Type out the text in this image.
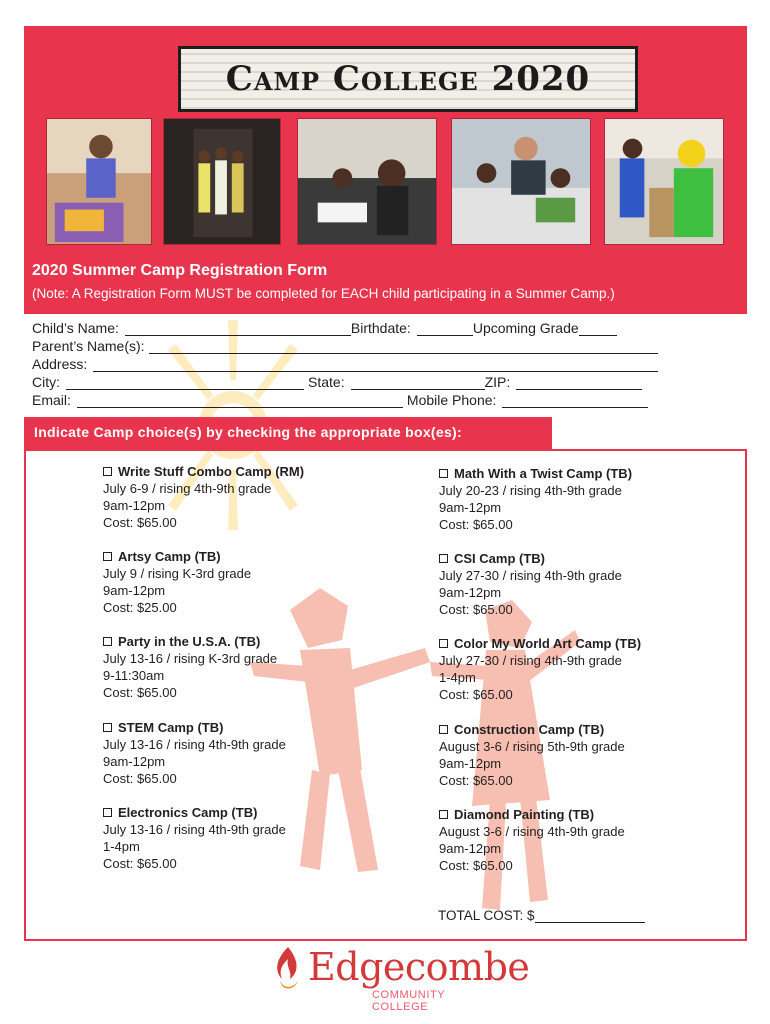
Camp College 2020
2020 Summer Camp Registration Form
(Note: A Registration Form MUST be completed for EACH child participating in a Summer Camp.)
Child’s Name:	Birthdate:	Upcoming Grade
Parent’s Name(s):
Address:
City:	State:	ZIP:
Email:	Mobile Phone:
Indicate Camp choice(s) by checking the appropriate box(es):
Write Stuff Combo Camp (RM)
July 6-9 / rising 4th-9th grade
9am-12pm
Cost: $65.00
Artsy Camp (TB)
July 9 / rising K-3rd grade
9am-12pm
Cost: $25.00
Party in the U.S.A. (TB)
July 13-16 / rising K-3rd grade
9-11:30am
Cost: $65.00
STEM Camp (TB)
July 13-16 / rising 4th-9th grade
9am-12pm
Cost: $65.00
Electronics Camp (TB)
July 13-16 / rising 4th-9th grade
1-4pm
Cost: $65.00
Math With a Twist Camp (TB)
July 20-23 / rising 4th-9th grade
9am-12pm
Cost: $65.00
CSI Camp (TB)
July 27-30 / rising 4th-9th grade
9am-12pm
Cost: $65.00
Color My World Art Camp (TB)
July 27-30 / rising 4th-9th grade
1-4pm
Cost: $65.00
Construction Camp (TB)
August 3-6 / rising 5th-9th grade
9am-12pm
Cost: $65.00
Diamond Painting (TB)
August 3-6 / rising 4th-9th grade
9am-12pm
Cost: $65.00
TOTAL COST: $
Edgecombe
COMMUNITY COLLEGE
